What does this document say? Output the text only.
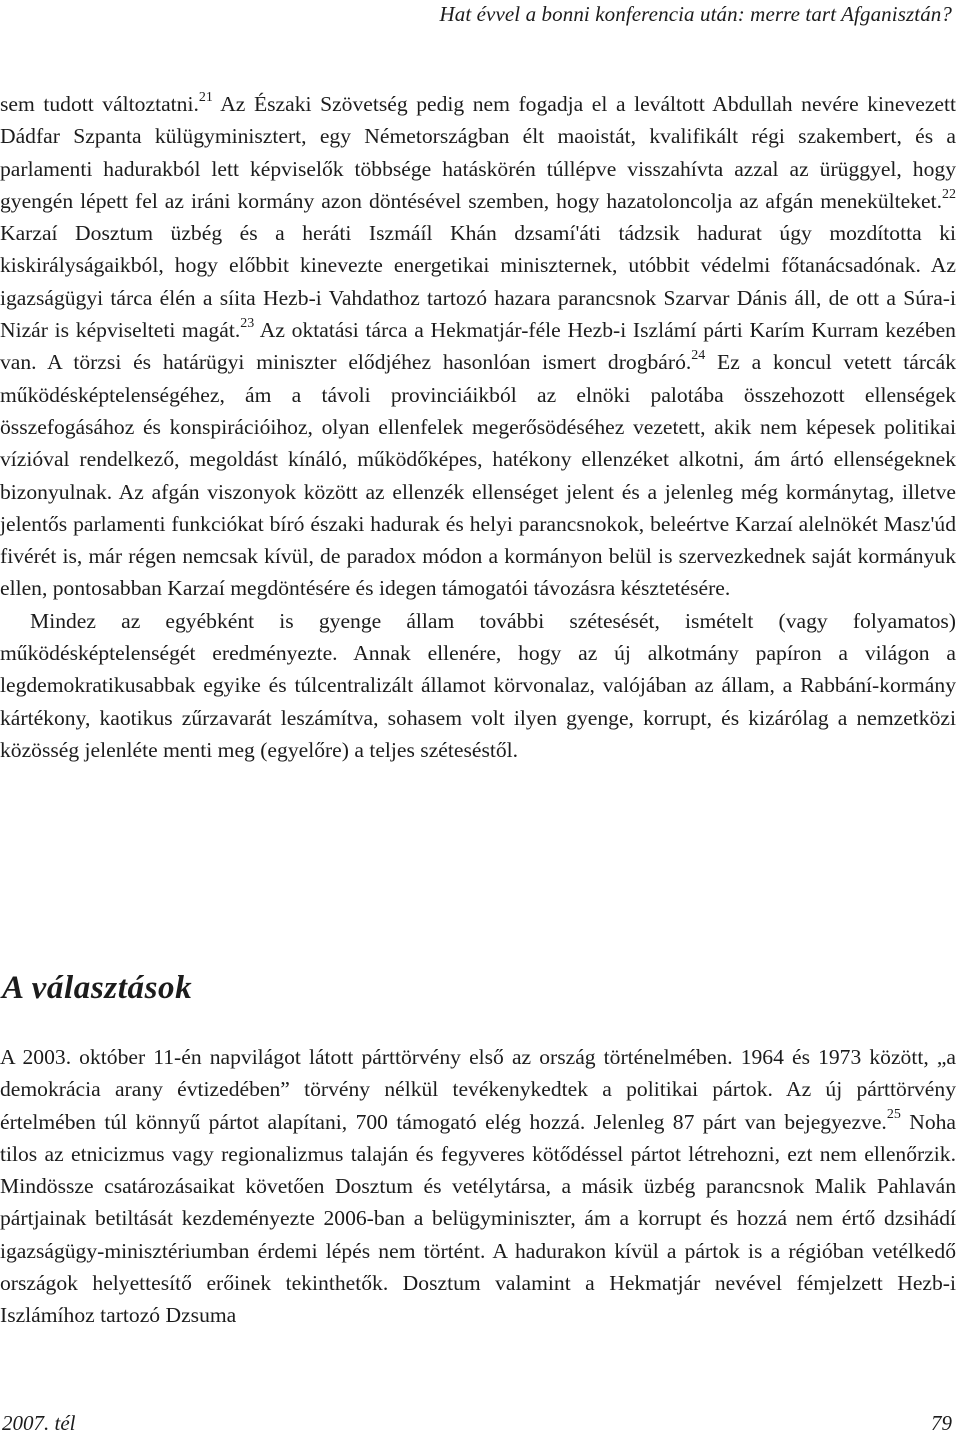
Hat évvel a bonni konferencia után: merre tart Afganisztán?

sem tudott változtatni.$^{21}$ Az Északi Szövetség pedig nem fogadja el a leváltott Abdullah nevére kinevezett Dádfar Szpanta külügyminisztert, egy Németországban élt maoistát, kvalifikált régi szakembert, és a parlamenti hadurakból lett képviselők többsége hatáskörén túllépve visszahívta azzal az ürüggyel, hogy gyengén lépett fel az iráni kormány azon döntésével szemben, hogy hazatoloncolja az afgán menekülteket.$^{22}$ Karzaí Dosztum üzbég és a heráti Iszmáíl Khán dzsamí'áti tádzsik hadurat úgy mozdította ki kiskirályságaikból, hogy előbbit kinevezte energetikai miniszternek, utóbbit védelmi főtanácsadónak. Az igazságügyi tárca élén a síita Hezb-i Vahdathoz tartozó hazara parancsnok Szarvar Dánis áll, de ott a Súra-i Nizár is képviselteti magát.$^{23}$ Az oktatási tárca a Hekmatjár-féle Hezb-i Iszlámí párti Karím Kurram kezében van. A törzsi és határügyi miniszter elődjéhez hasonlóan ismert drogbáró.$^{24}$ Ez a koncul vetett tárcák működésképtelenségéhez, ám a távoli provinciáikból az elnöki palotába összehozott ellenségek összefogásához és konspirációihoz, olyan ellenfelek megerősödéséhez vezetett, akik nem képesek politikai vízióval rendelkező, megoldást kínáló, működőképes, hatékony ellenzéket alkotni, ám ártó ellenségeknek bizonyulnak. Az afgán viszonyok között az ellenzék ellenséget jelent és a jelenleg még kormánytag, illetve jelentős parlamenti funkciókat bíró északi hadurak és helyi parancsnokok, beleértve Karzaí alelnökét Masz'úd fivérét is, már régen nemcsak kívül, de paradox módon a kormányon belül is szervezkednek saját kormányuk ellen, pontosabban Karzaí megdöntésére és idegen támogatói távozásra késztetésére.

Mindez az egyébként is gyenge állam további szétesését, ismételt (vagy folyamatos) működésképtelenségét eredményezte. Annak ellenére, hogy az új alkotmány papíron a világon a legdemokratikusabbak egyike és túlcentralizált államot körvonalaz, valójában az állam, a Rabbání-kormány kártékony, kaotikus zűrzavarát leszámítva, sohasem volt ilyen gyenge, korrupt, és kizárólag a nemzetközi közösség jelenléte menti meg (egyelőre) a teljes széteséstől.

A választások

A 2003. október 11-én napvilágot látott párttörvény első az ország történelmében. 1964 és 1973 között, „a demokrácia arany évtizedében” törvény nélkül tevékenykedtek a politikai pártok. Az új párttörvény értelmében túl könnyű pártot alapítani, 700 támogató elég hozzá. Jelenleg 87 párt van bejegyezve.$^{25}$ Noha tilos az etnicizmus vagy regionalizmus talaján és fegyveres kötődéssel pártot létrehozni, ezt nem ellenőrzik. Mindössze csatározásaikat követően Dosztum és vetélytársa, a másik üzbég parancsnok Malik Pahlaván pártjainak betiltását kezdeményezte 2006-ban a belügyminiszter, ám a korrupt és hozzá nem értő dzsihádí igazságügy-minisztériumban érdemi lépés nem történt. A hadurakon kívül a pártok is a régióban vetélkedő országok helyettesítő erőinek tekinthetők. Dosztum valamint a Hekmatjár nevével fémjelzett Hezb-i Iszlámíhoz tartozó Dzsuma

2007. tél	79
